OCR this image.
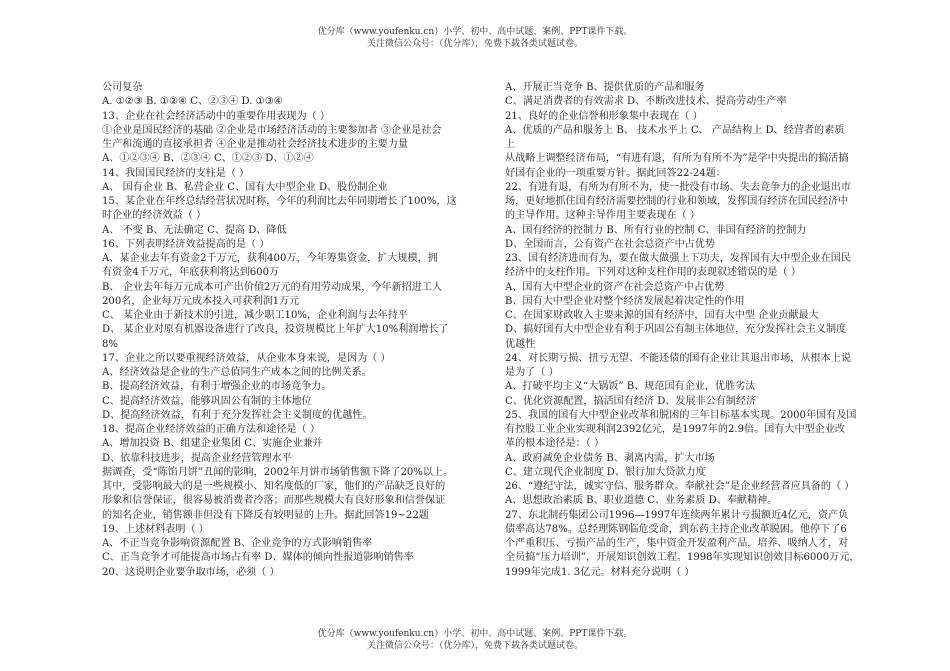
优分库（www.youfenku.cn）小学、初中、高中试题、案例、PPT课件下载。
关注微信公众号：（优分库），免费下载各类试题试卷。
公司复杂
A. ①②③ B. ①②④ C、②③④ D. ①③④
13、企业在社会经济活动中的重要作用表现为（ ）
①企业是国民经济的基础 ②企业是市场经济活动的主要参加者 ③企业是社会
生产和流通的直接承担者 ④企业是推动社会经济技术进步的主要力量
A、①②③④ B、②③④ C、①②③ D、①②④
14、我国国民经济的支柱是（ ）
A、 国有企业 B、私营企业 C、国有大中型企业 D、股份制企业
15、某企业在年终总结经营状况时称，今年的利润比去年同期增长了100%，这
时企业的经济效益（ ）
A、 不变 B、无法确定 C、提高 D、降低
16、下列表明经济效益提高的是（ ）
A、某企业去年有资金2千万元，获利400万，今年筹集资金，扩大规模，拥
有资金4千万元，年底获利将达到600万
B、 企业去年每万元成本可产出价值2万元的有用劳动成果，今年新招进工人
200名，企业每万元成本投入可获利润1万元
C、 某企业由于新技术的引进，减少职工10%，企业利润与去年持平
D、 某企业对原有机器设备进行了改良，投资规模比上年扩大10%利润增长了
8%
17、企业之所以要重视经济效益，从企业本身来说，是因为（ ）
A、经济效益是企业的生产总值同生产成本之间的比例关系。
B、提高经济效益，有利于增强企业的市场竞争力。
C、提高经济效益，能够巩固公有制的主体地位
D、提高经济效益，有利于充分发挥社会主义制度的优越性。
18、提高企业经济效益的正确方法和途径是（ ）
A、增加投资 B、组建企业集团 C、实施企业兼并
D、依靠科技进步，提高企业经营管理水平
据调查，受“陈馅月饼”丑闻的影响，2002年月饼市场销售额下降了20%以上。
其中，受影响最大的是一些规模小、知名度低的厂家，他们的产品缺乏良好的
形象和信誉保证，很容易被消费者冷落；而那些规模大有良好形象和信誉保证
的知名企业，销售额非但没有下降反有较明显的上升。据此回答19~22题
19、上述材料表明（ ）
A、不正当竞争影响资源配置 B、企业竞争的方式影响销售率
C、正当竞争才可能提高市场占有率 D、媒体的倾向性报道影响销售率
20、这说明企业要争取市场，必须（ ）
A、开展正当竞争 B、提供优质的产品和服务
C、满足消费者的有效需求 D、不断改进技术、提高劳动生产率
21、良好的企业信誉和形象集中表现在（ ）
A、优质的产品和服务上 B、 技术水平上 C、 产品结构上 D、经营者的素质
上
从战略上调整经济布局，“有进有退，有所为有所不为”是学中央提出的搞活搞
好国有企业的一项重要方针。据此回答22-24题：
22、有进有退，有所为有所不为，使一批没有市场、失去竞争力的企业退出市
场，更好地抓住国有经济需要控制的行业和领域，发挥国有经济在国民经济中
的主导作用。这种主导作用主要表现在（ ）
A、国有经济的控制力 B、所有行业的控制 C、非国有经济的控制力
D、全国而言，公有资产在社会总资产中占优势
23、国有经济进而有为，要在做大做强上下功夫，发挥国有大中型企业在国民
经济中的支柱作用。下列对这种支柱作用的表现叙述错误的是（ ）
A、国有大中型企业的资产在社会总资产中占优势
B、国有大中型企业对整个经济发展起着决定性的作用
C、在国家财政收入主要来源的国有经济中，国有大中型 企业贡献最大
D、搞好国有大中型企业有利于巩固公有制主体地位，充分发挥社会主义制度
优越性
24、对长期亏损、扭亏无望、不能还债的国有企业让其退出市场，从根本上说
是为了（ ）
A、打破平均主义“大锅饭” B、规范国有企业，优胜劣汰
C、优化资源配置，搞活国有经济 D、发展非公有制经济
25、我国的国有大中型企业改革和脱困的三年目标基本实现。2000年国有及国
有控股工业企业实现利润2392亿元，是1997年的2.9倍。国有大中型企业改
革的根本途径是：（ ）
A、政府减免企业债务 B、剥离内需，扩大市场
C、建立现代企业制度 D、银行加大贷款力度
26、“遵纪守法，诚实守信、服务群众。奉献社会”是企业经营者应具备的（ ）
A、思想政治素质 B、职业道德 C、业务素质 D、奉献精神。
27、东北制药集团公司1996—1997年连续两年累计亏损额近4亿元，资产负
债率高达78%。总经理陈钢临危受命，到东药主持企业改革脱困。他停下了6
个严重积压、亏损产品的生产，集中资金开发盈利产品，培养、吸纳人才，对
全员搞“压力培训”，开展知识创效工程。1998年实现知识创效目标6000万元，
1999年完成1. 3亿元。材料充分说明（ ）
优分库（www.youfenku.cn）小学、初中、高中试题、案例、PPT课件下载。
关注微信公众号：（优分库），免费下载各类试题试卷。
